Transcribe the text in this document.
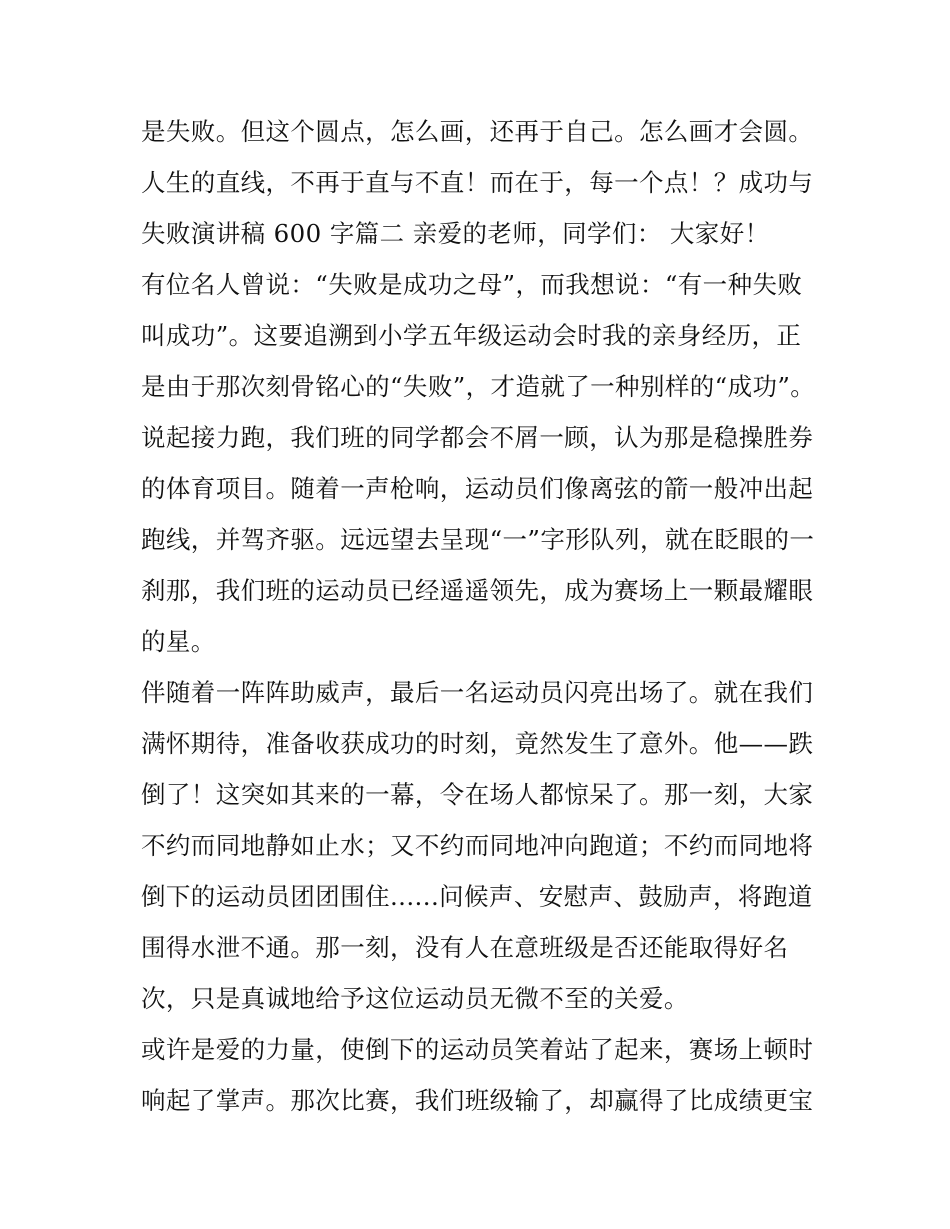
是失败。但这个圆点，怎么画，还再于自己。怎么画才会圆。
人生的直线，不再于直与不直！而在于，每一个点！？成功与
失败演讲稿 600 字篇二 亲爱的老师，同学们： 大家好！
有位名人曾说：“失败是成功之母”，而我想说：“有一种失败
叫成功”。这要追溯到小学五年级运动会时我的亲身经历，正
是由于那次刻骨铭心的“失败”，才造就了一种别样的“成功”。
说起接力跑，我们班的同学都会不屑一顾，认为那是稳操胜券
的体育项目。随着一声枪响，运动员们像离弦的箭一般冲出起
跑线，并驾齐驱。远远望去呈现“一”字形队列，就在眨眼的一
刹那，我们班的运动员已经遥遥领先，成为赛场上一颗最耀眼
的星。
伴随着一阵阵助威声，最后一名运动员闪亮出场了。就在我们
满怀期待，准备收获成功的时刻，竟然发生了意外。他——跌
倒了！这突如其来的一幕，令在场人都惊呆了。那一刻，大家
不约而同地静如止水；又不约而同地冲向跑道；不约而同地将
倒下的运动员团团围住......问候声、安慰声、鼓励声，将跑道
围得水泄不通。那一刻，没有人在意班级是否还能取得好名
次，只是真诚地给予这位运动员无微不至的关爱。
或许是爱的力量，使倒下的运动员笑着站了起来，赛场上顿时
响起了掌声。那次比赛，我们班级输了，却赢得了比成绩更宝
